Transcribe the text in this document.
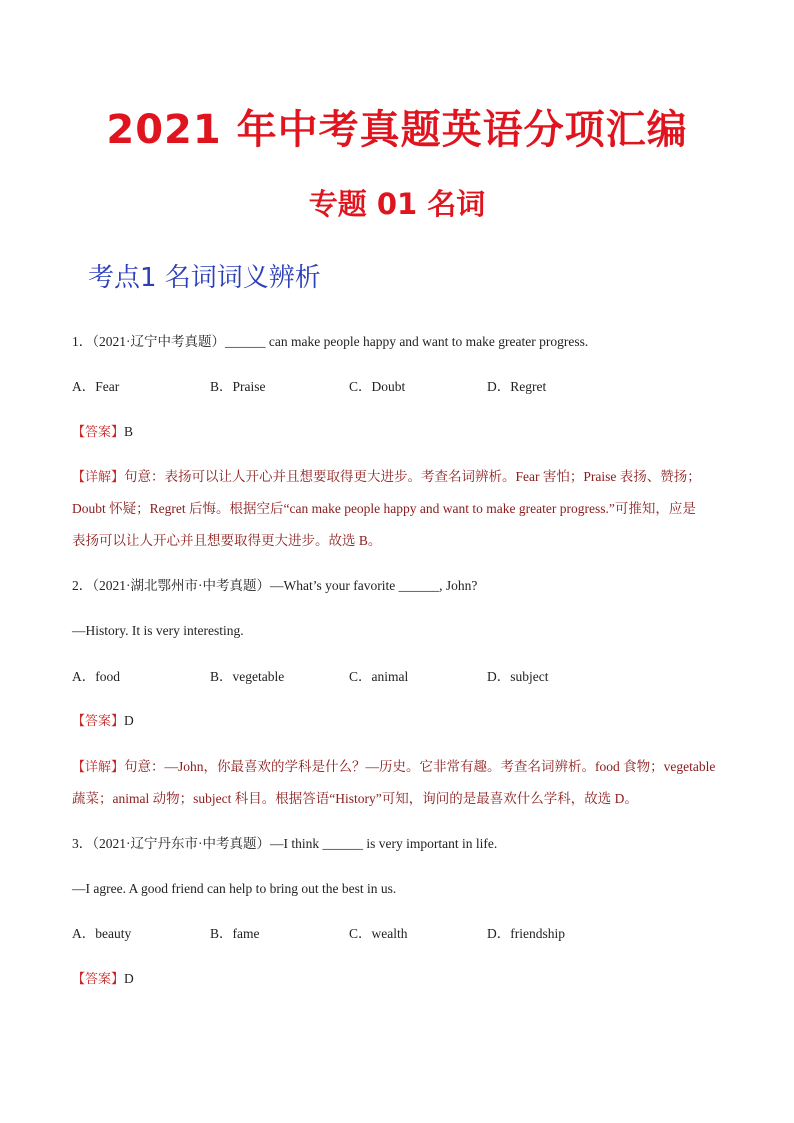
2021 年中考真题英语分项汇编
专题 01 名词
考点1 名词词义辨析
1．（2021·辽宁中考真题）______ can make people happy and want to make greater progress.
A．Fear	B．Praise	C．Doubt	D．Regret
【答案】B
【详解】句意：表扬可以让人开心并且想要取得更大进步。考查名词辨析。Fear 害怕；Praise 表扬、赞扬；
Doubt 怀疑；Regret 后悔。根据空后“can make people happy and want to make greater progress.”可推知，应是
表扬可以让人开心并且想要取得更大进步。故选 B。
2．（2021·湖北鄂州市·中考真题）—What’s your favorite ______, John?
—History. It is very interesting.
A．food	B．vegetable	C．animal	D．subject
【答案】D
【详解】句意：—John，你最喜欢的学科是什么？—历史。它非常有趣。考查名词辨析。food 食物；vegetable
蔬菜；animal 动物；subject 科目。根据答语“History”可知，询问的是最喜欢什么学科，故选 D。
3．（2021·辽宁丹东市·中考真题）—I think ______ is very important in life.
—I agree. A good friend can help to bring out the best in us.
A．beauty	B．fame	C．wealth	D．friendship
【答案】D
